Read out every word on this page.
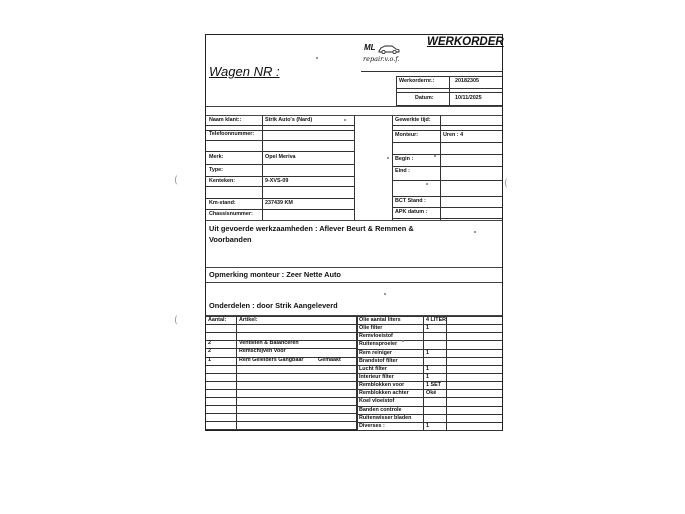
(
(
(
WERKORDER
Wagen NR :
ML
repair.v.o.f.
Werkordernr.:	20182305
Datum:	10/11/2025
Naam klant::	Strik Auto's (Nard)
Telefoonnummer:
Merk:	Opel Meriva
Type:
Kenteken:	9-XVS-09
Km-stand:	237439 KM
Chassisnummer:
Gewerkte tijd:
Monteur:	Uren : 4
Begin :
Eind :
BCT Stand :
APK datum :
Uit gevoerde werkzaamheden : Aflever Beurt & Remmen &
Voorbanden
Opmerking monteur : Zeer Nette Auto
Onderdelen : door Strik Aangeleverd
Aantal: Artikel:
2	Ventielen & Balanceren
2	Remschijven Voor
1	Rem Geleiders Gangbaar	Gemaakt
Olie aantal liters	4 LITER
Olie filter	1
Remvloeistof
Ruitensproeier
Rem reiniger	1
Brandstof filter
Lucht filter	1
Interieur filter	1
Remblokken voor	1 SET
Remblokken achter	Oké
Koel vloeistof
Banden controle
Ruitenwisser bladen
Diverses :	1
